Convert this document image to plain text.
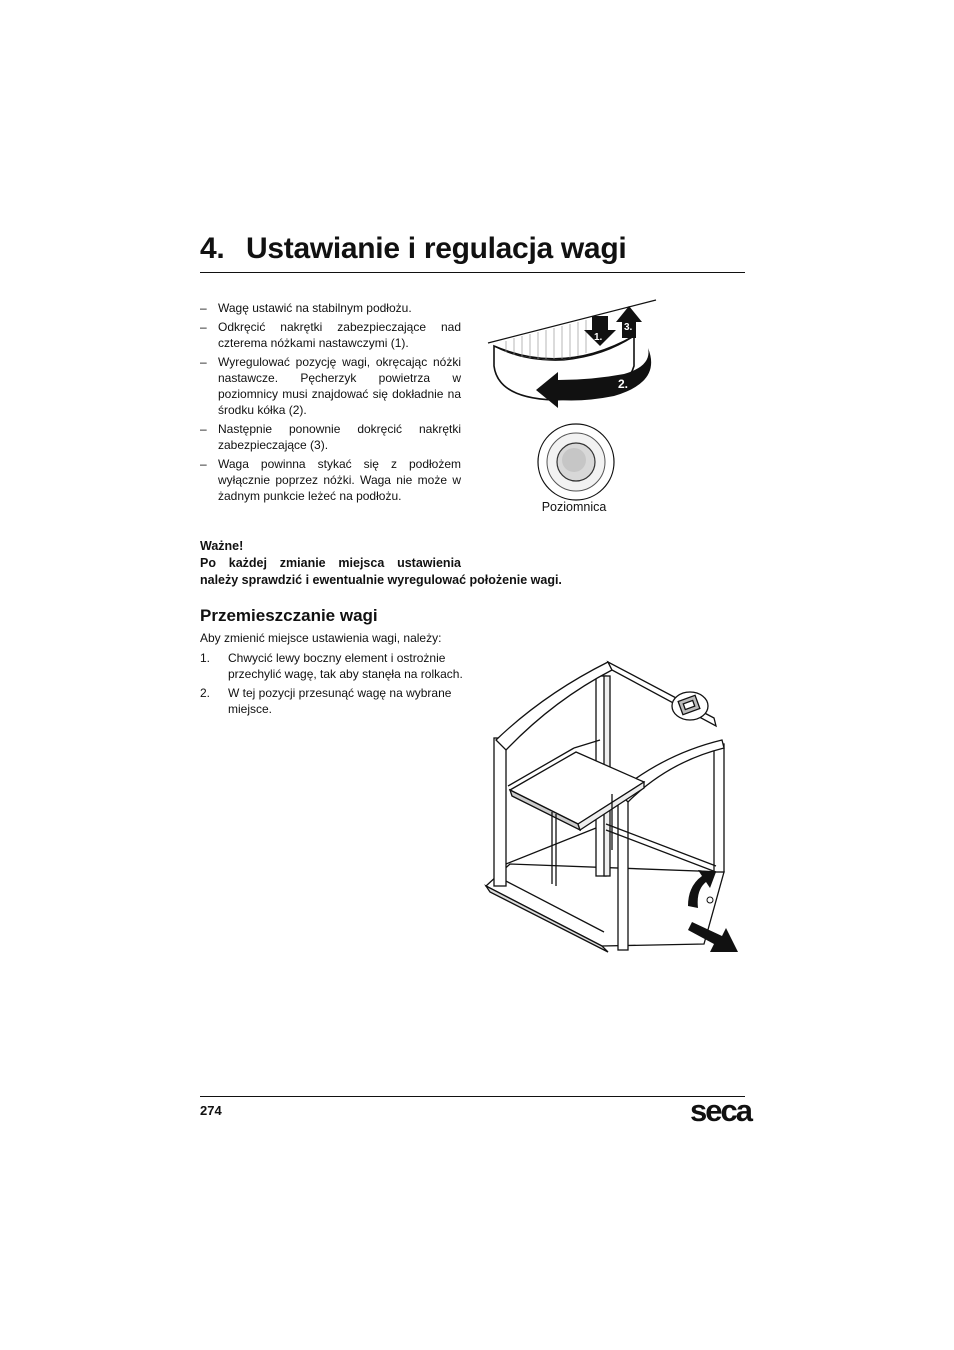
4. Ustawianie i regulacja wagi
– Wagę ustawić na stabilnym podłożu.
– Odkręcić nakrętki zabezpieczające nad czterema nóżkami nastawczymi (1).
– Wyregulować pozycję wagi, okręcając nóżki nastawcze. Pęcherzyk powietrza w poziomnicy musi znajdować się dokładnie na środku kółka (2).
– Następnie ponownie dokręcić nakrętki zabezpieczające (3).
– Waga powinna stykać się z podłożem wyłącznie poprzez nóżki. Waga nie może w żadnym punkcie leżeć na podłożu.
1.
3.
2.
Poziomnica
Ważne!
Po każdej zmianie miejsca ustawienia
należy sprawdzić i ewentualnie wyregulować położenie wagi.
Przemieszczanie wagi
Aby zmienić miejsce ustawienia wagi, należy:
1. Chwycić lewy boczny element i ostrożnie przechylić wagę, tak aby stanęła na rolkach.
2. W tej pozycji przesunąć wagę na wybrane miejsce.
274	seca
